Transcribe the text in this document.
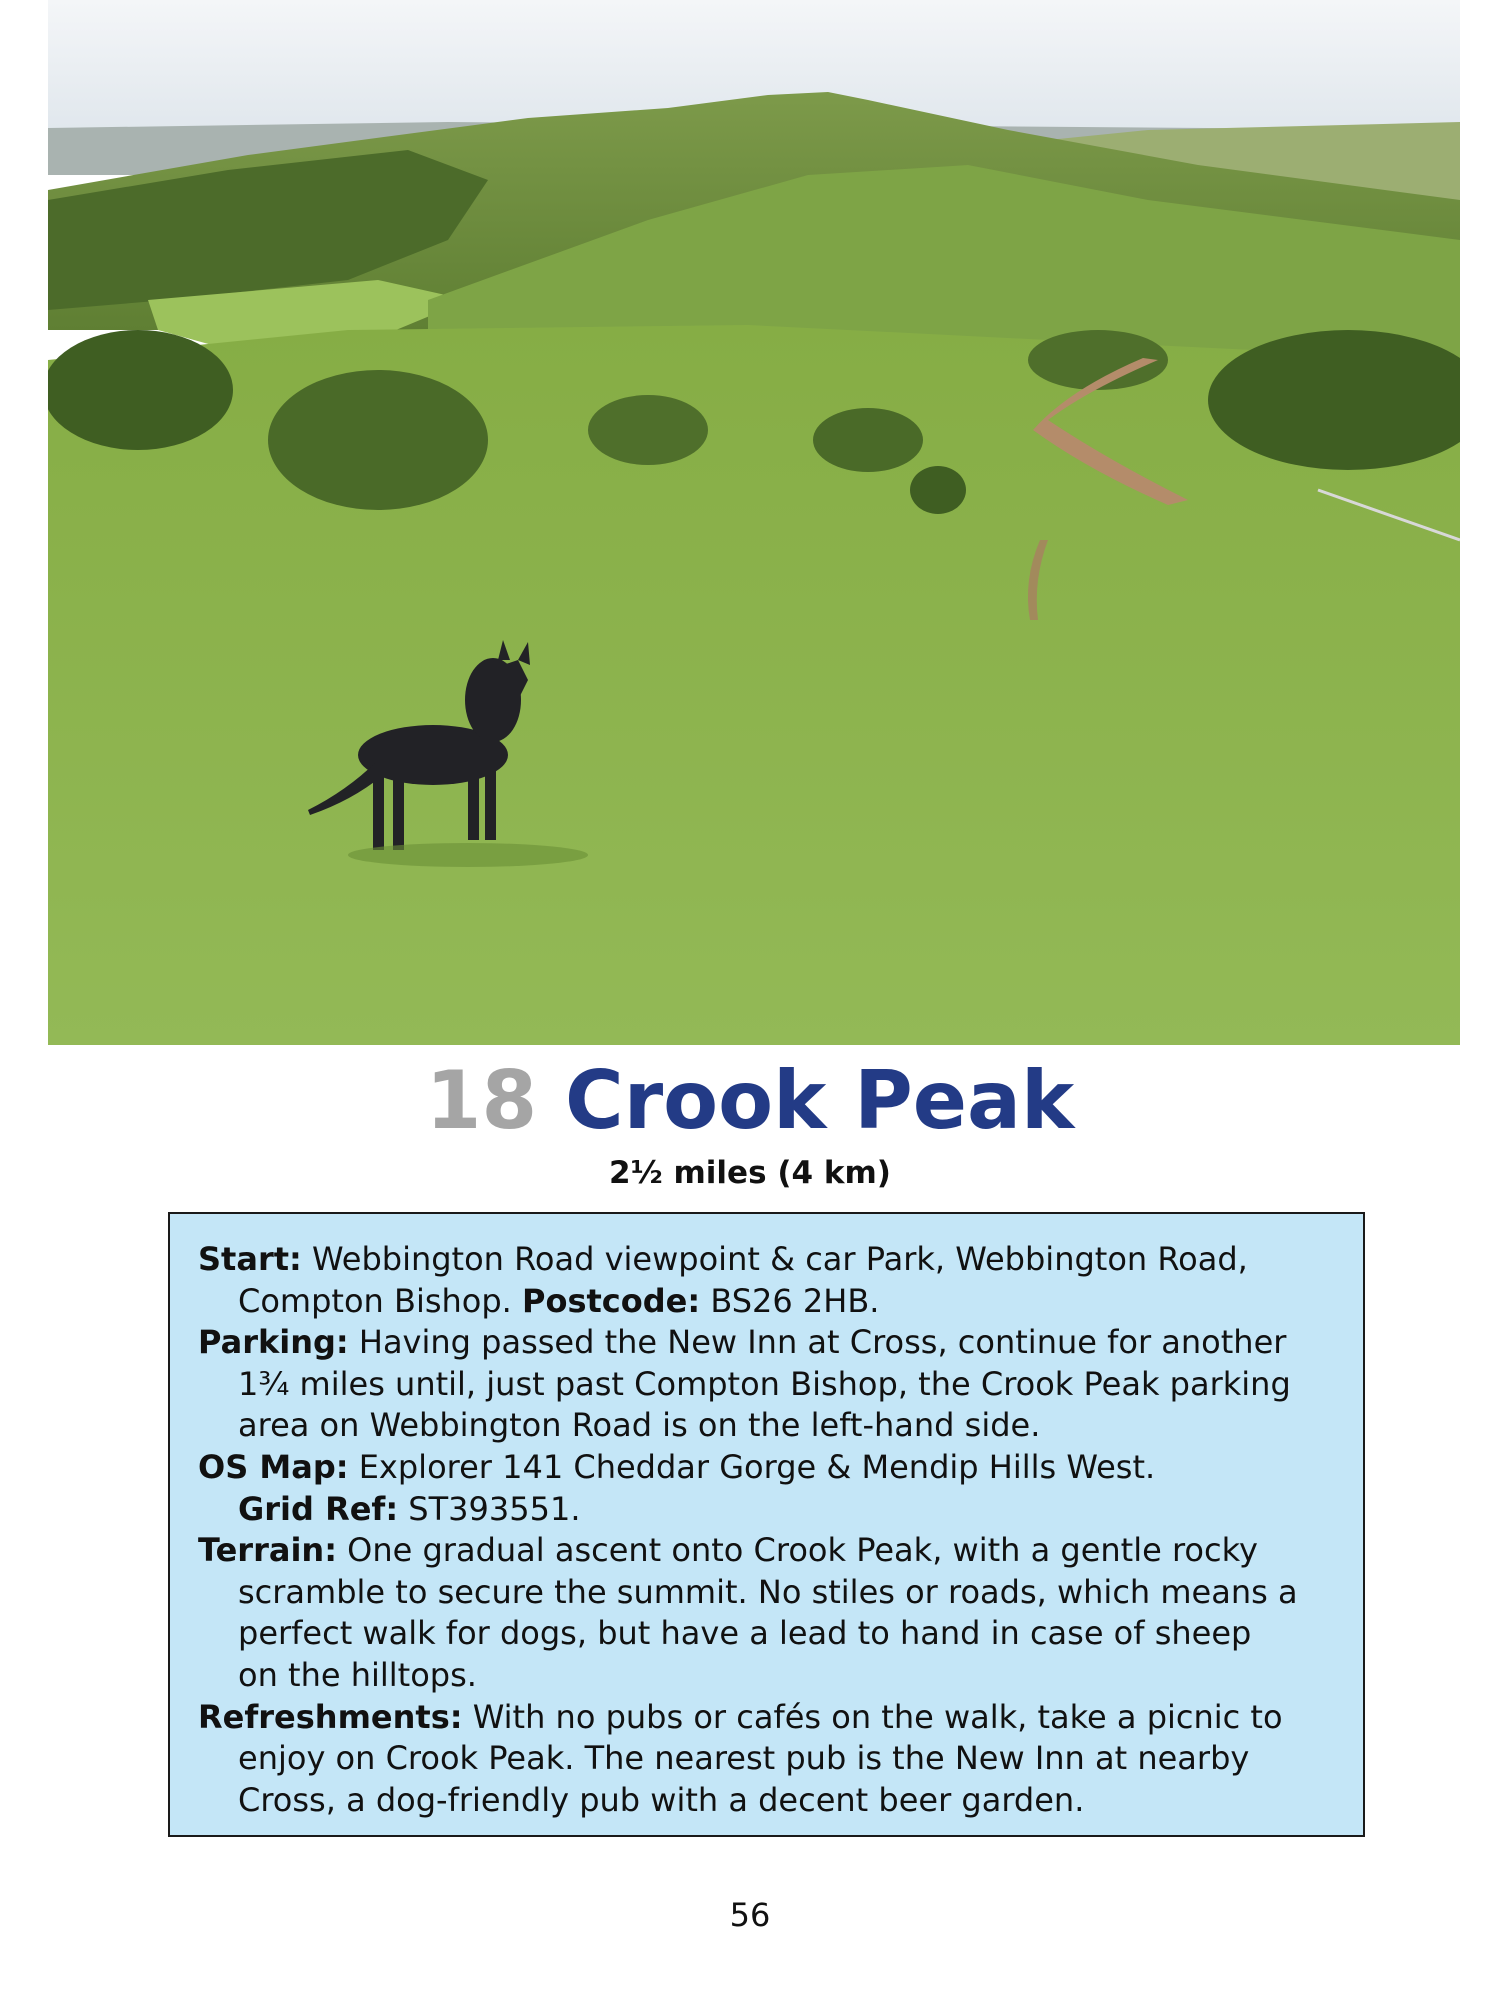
18 Crook Peak
2½ miles (4 km)

Start: Webbington Road viewpoint & car Park, Webbington Road,

Compton Bishop. Postcode: BS26 2HB.

Parking: Having passed the New Inn at Cross, continue for another

1¾ miles until, just past Compton Bishop, the Crook Peak parking

area on Webbington Road is on the left-hand side.

OS Map: Explorer 141 Cheddar Gorge & Mendip Hills West.

Grid Ref: ST393551.

Terrain: One gradual ascent onto Crook Peak, with a gentle rocky

scramble to secure the summit. No stiles or roads, which means a

perfect walk for dogs, but have a lead to hand in case of sheep

on the hilltops.

Refreshments: With no pubs or cafés on the walk, take a picnic to

enjoy on Crook Peak. The nearest pub is the New Inn at nearby

Cross, a dog-friendly pub with a decent beer garden.

56
